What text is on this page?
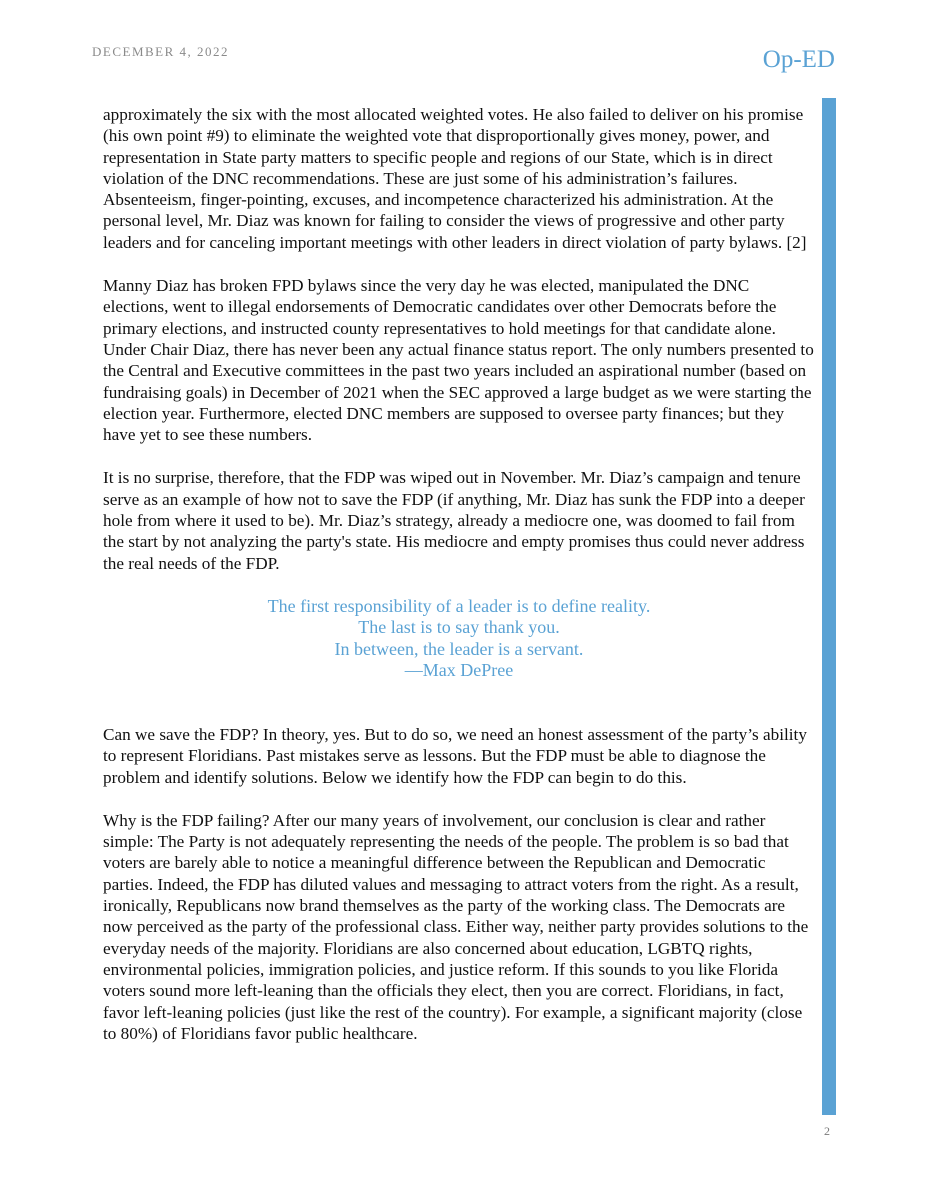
DECEMBER 4, 2022	Op-ED

approximately the six with the most allocated weighted votes. He also failed to deliver on his promise (his own point #9) to eliminate the weighted vote that disproportionally gives money, power, and representation in State party matters to specific people and regions of our State, which is in direct violation of the DNC recommendations. These are just some of his administration’s failures. Absenteeism, finger-pointing, excuses, and incompetence characterized his administration. At the personal level, Mr. Diaz was known for failing to consider the views of progressive and other party leaders and for canceling important meetings with other leaders in direct violation of party bylaws. [2]

Manny Diaz has broken FPD bylaws since the very day he was elected, manipulated the DNC elections, went to illegal endorsements of Democratic candidates over other Democrats before the primary elections, and instructed county representatives to hold meetings for that candidate alone. Under Chair Diaz, there has never been any actual finance status report. The only numbers presented to the Central and Executive committees in the past two years included an aspirational number (based on fundraising goals) in December of 2021 when the SEC approved a large budget as we were starting the election year. Furthermore, elected DNC members are supposed to oversee party finances; but they have yet to see these numbers.

It is no surprise, therefore, that the FDP was wiped out in November. Mr. Diaz’s campaign and tenure serve as an example of how not to save the FDP (if anything, Mr. Diaz has sunk the FDP into a deeper hole from where it used to be). Mr. Diaz’s strategy, already a mediocre one, was doomed to fail from the start by not analyzing the party's state. His mediocre and empty promises thus could never address the real needs of the FDP.

The first responsibility of a leader is to define reality.
The last is to say thank you.
In between, the leader is a servant.
—Max DePree

Can we save the FDP? In theory, yes. But to do so, we need an honest assessment of the party’s ability to represent Floridians. Past mistakes serve as lessons. But the FDP must be able to diagnose the problem and identify solutions. Below we identify how the FDP can begin to do this.

Why is the FDP failing? After our many years of involvement, our conclusion is clear and rather simple: The Party is not adequately representing the needs of the people. The problem is so bad that voters are barely able to notice a meaningful difference between the Republican and Democratic parties. Indeed, the FDP has diluted values and messaging to attract voters from the right. As a result, ironically, Republicans now brand themselves as the party of the working class. The Democrats are now perceived as the party of the professional class. Either way, neither party provides solutions to the everyday needs of the majority. Floridians are also concerned about education, LGBTQ rights, environmental policies, immigration policies, and justice reform. If this sounds to you like Florida voters sound more left-leaning than the officials they elect, then you are correct. Floridians, in fact, favor left-leaning policies (just like the rest of the country). For example, a significant majority (close to 80%) of Floridians favor public healthcare.

2
